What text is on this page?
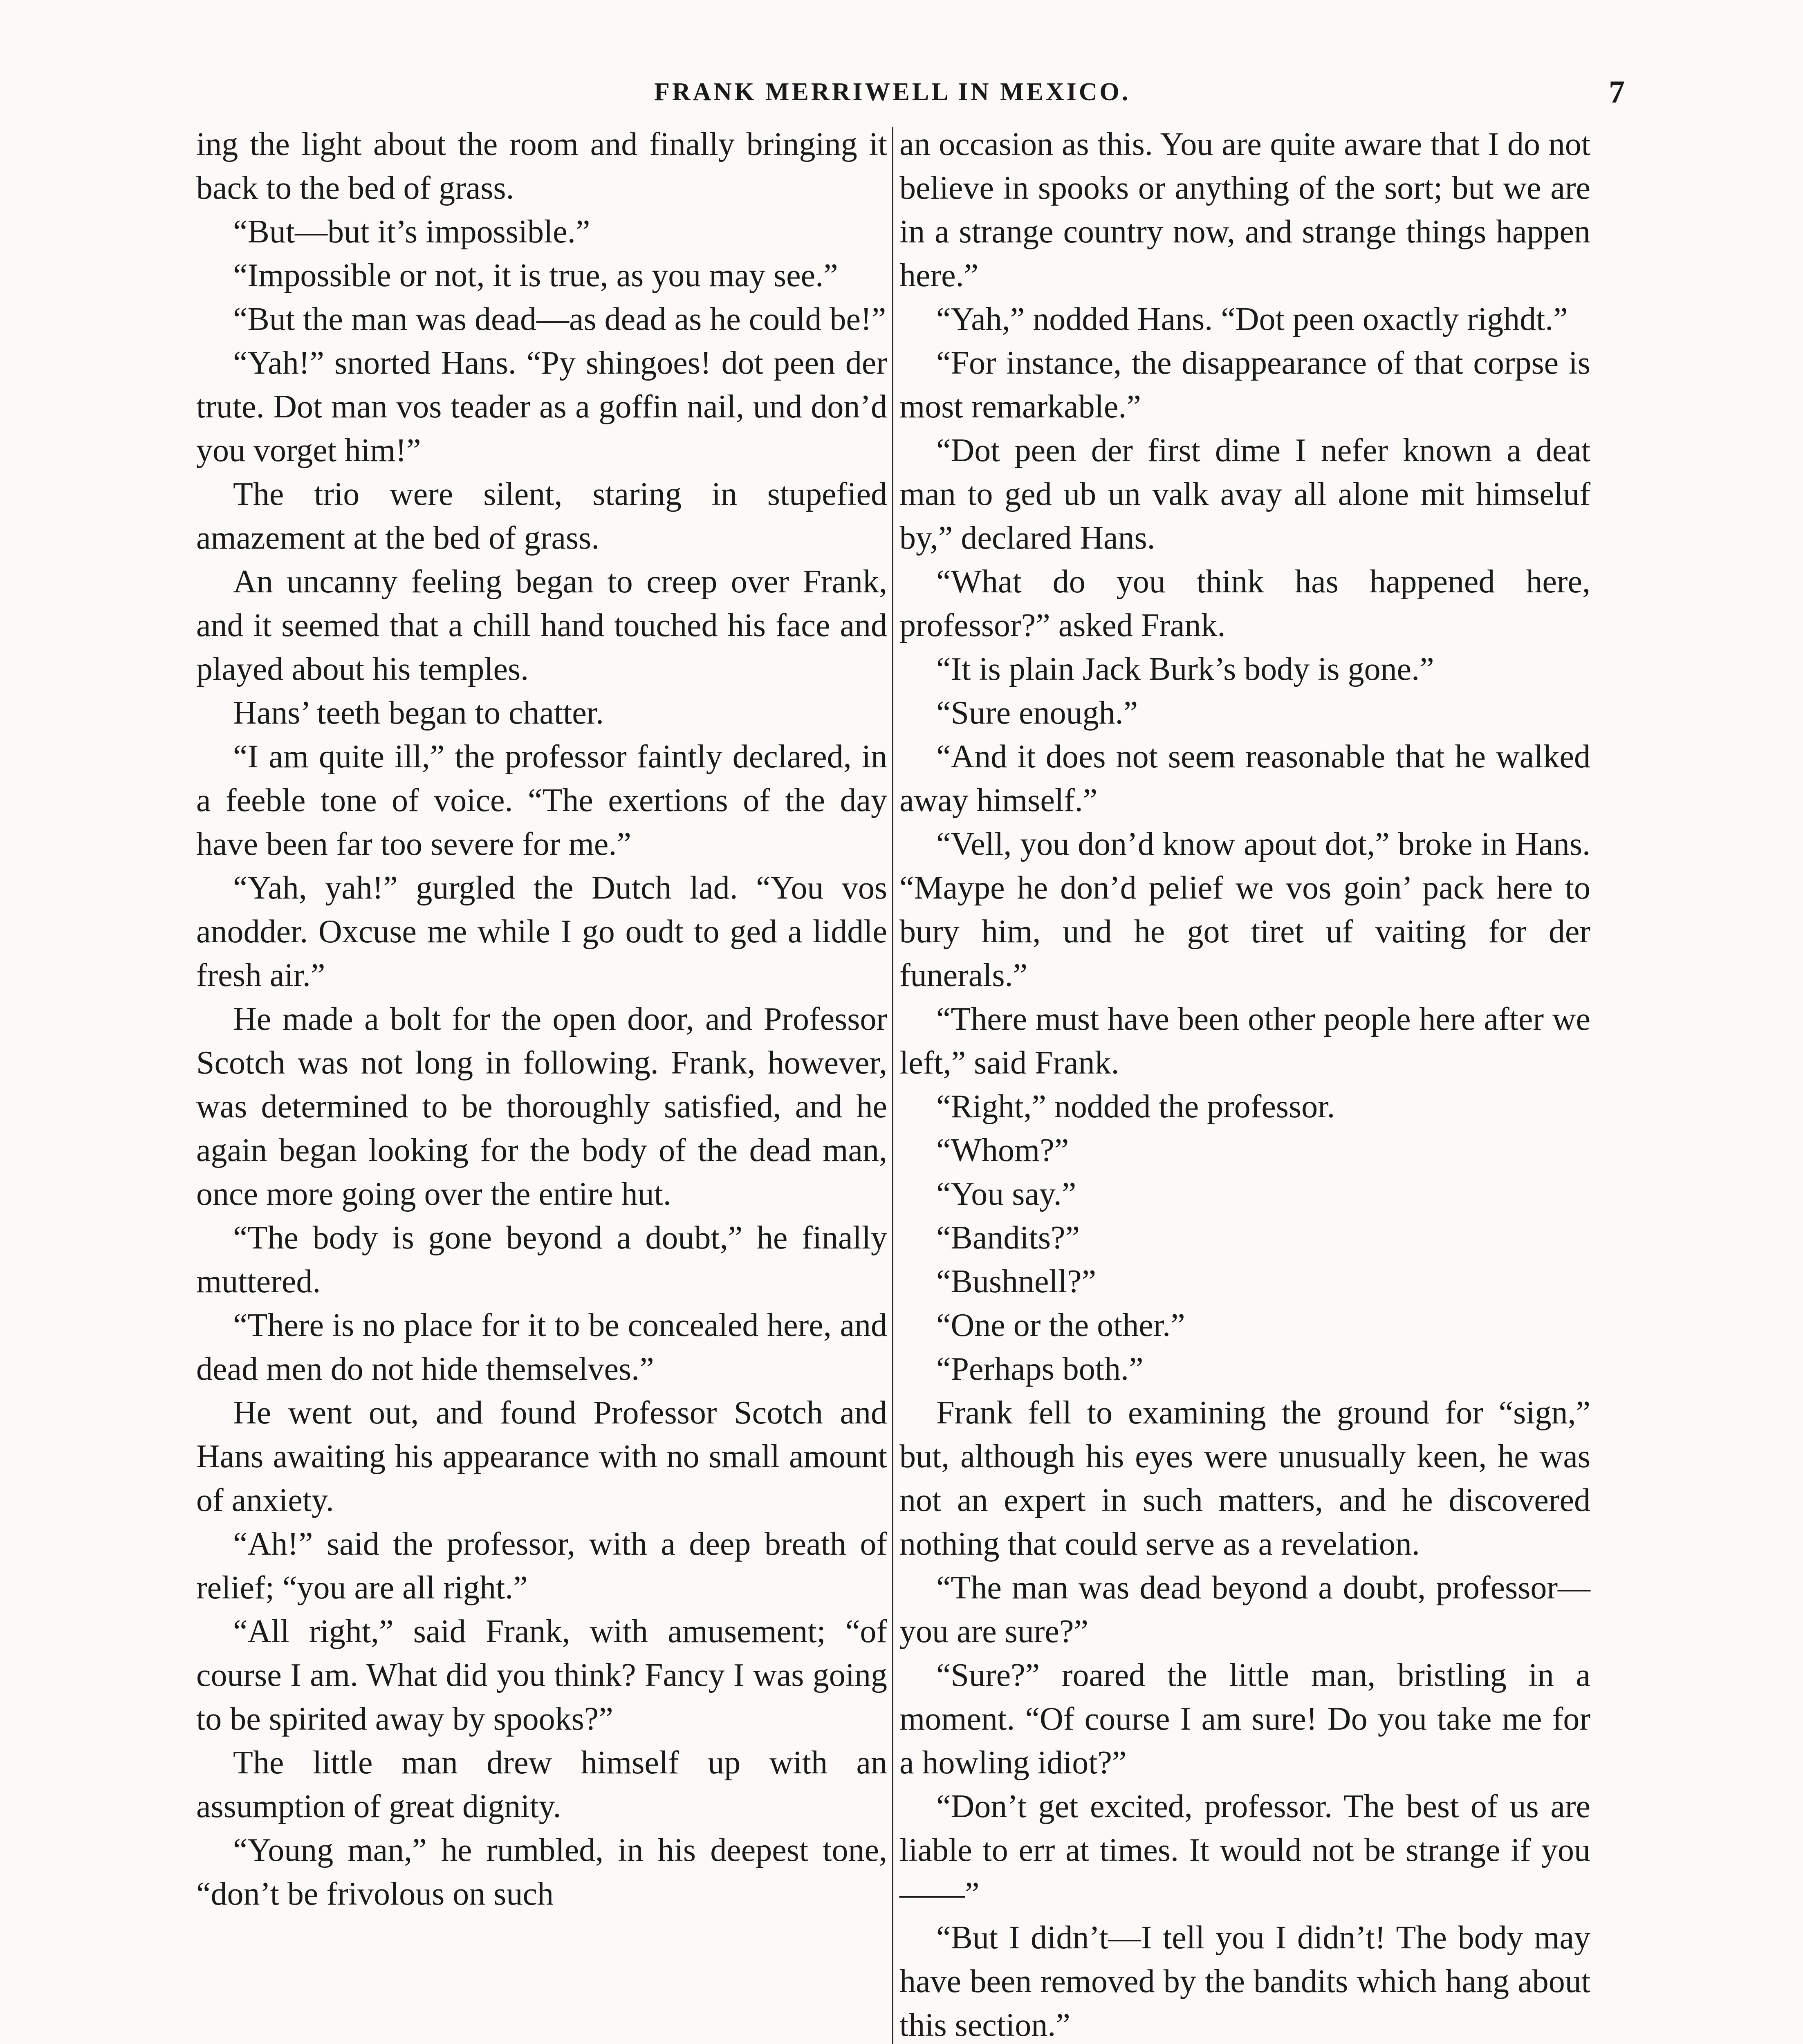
FRANK MERRIWELL IN MEXICO.	7

ing the light about the room and finally bringing it back to the bed of grass.

“But—but it’s impossible.”

“Impossible or not, it is true, as you may see.”

“But the man was dead—as dead as he could be!”

“Yah!” snorted Hans. “Py shingoes! dot peen der trute. Dot man vos teader as a goffin nail, und don’d you vorget him!”

The trio were silent, staring in stupefied amazement at the bed of grass.

An uncanny feeling began to creep over Frank, and it seemed that a chill hand touched his face and played about his temples.

Hans’ teeth began to chatter.

“I am quite ill,” the professor faintly declared, in a feeble tone of voice. “The exertions of the day have been far too severe for me.”

“Yah, yah!” gurgled the Dutch lad. “You vos anodder. Oxcuse me while I go oudt to ged a liddle fresh air.”

He made a bolt for the open door, and Professor Scotch was not long in following. Frank, however, was determined to be thoroughly satisfied, and he again began looking for the body of the dead man, once more going over the entire hut.

“The body is gone beyond a doubt,” he finally muttered.

“There is no place for it to be concealed here, and dead men do not hide themselves.”

He went out, and found Professor Scotch and Hans awaiting his appearance with no small amount of anxiety.

“Ah!” said the professor, with a deep breath of relief; “you are all right.”

“All right,” said Frank, with amusement; “of course I am. What did you think? Fancy I was going to be spirited away by spooks?”

The little man drew himself up with an assumption of great dignity.

“Young man,” he rumbled, in his deepest tone, “don’t be frivolous on such

an occasion as this. You are quite aware that I do not believe in spooks or anything of the sort; but we are in a strange country now, and strange things happen here.”

“Yah,” nodded Hans. “Dot peen oxactly righdt.”

“For instance, the disappearance of that corpse is most remarkable.”

“Dot peen der first dime I nefer known a deat man to ged ub un valk avay all alone mit himseluf by,” declared Hans.

“What do you think has happened here, professor?” asked Frank.

“It is plain Jack Burk’s body is gone.”

“Sure enough.”

“And it does not seem reasonable that he walked away himself.”

“Vell, you don’d know apout dot,” broke in Hans. “Maype he don’d pelief we vos goin’ pack here to bury him, und he got tiret uf vaiting for der funerals.”

“There must have been other people here after we left,” said Frank.

“Right,” nodded the professor.

“Whom?”

“You say.”

“Bandits?”

“Bushnell?”

“One or the other.”

“Perhaps both.”

Frank fell to examining the ground for “sign,” but, although his eyes were unusually keen, he was not an expert in such matters, and he discovered nothing that could serve as a revelation.

“The man was dead beyond a doubt, professor—you are sure?”

“Sure?” roared the little man, bristling in a moment. “Of course I am sure! Do you take me for a howling idiot?”

“Don’t get excited, professor. The best of us are liable to err at times. It would not be strange if you——”

“But I didn’t—I tell you I didn’t! The body may have been removed by the bandits which hang about this section.”
